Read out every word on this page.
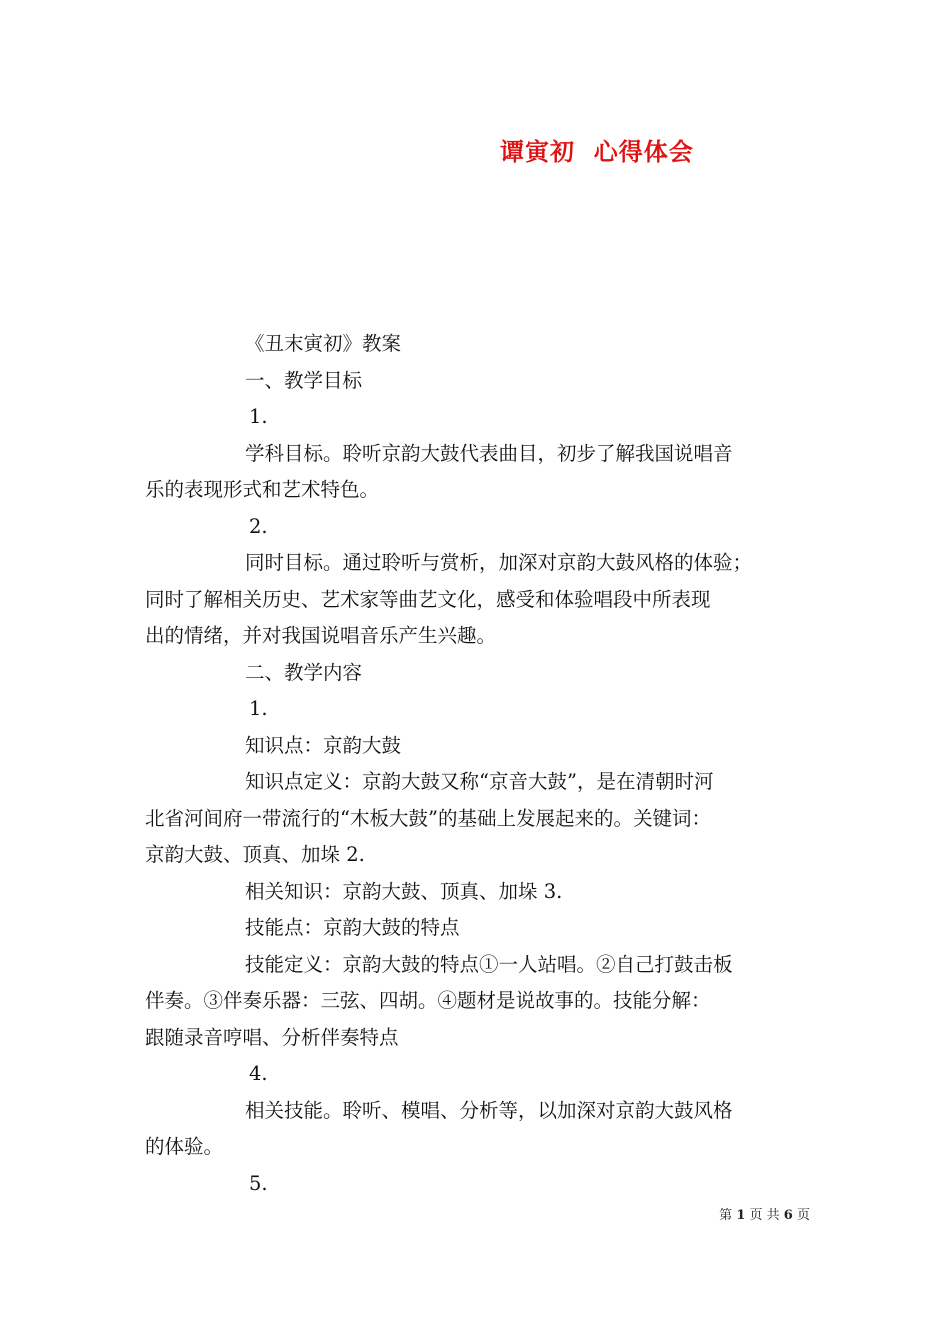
谭寅初  心得体会
《丑末寅初》教案
一、教学目标
1.
学科目标。聆听京韵大鼓代表曲目，初步了解我国说唱音
乐的表现形式和艺术特色。
2.
同时目标。通过聆听与赏析，加深对京韵大鼓风格的体验；
同时了解相关历史、艺术家等曲艺文化，感受和体验唱段中所表现
出的情绪，并对我国说唱音乐产生兴趣。
二、教学内容
1.
知识点：京韵大鼓
知识点定义：京韵大鼓又称“京音大鼓”，是在清朝时河
北省河间府一带流行的“木板大鼓”的基础上发展起来的。关键词：
京韵大鼓、顶真、加垛 2.
相关知识：京韵大鼓、顶真、加垛 3.
技能点：京韵大鼓的特点
技能定义：京韵大鼓的特点①一人站唱。②自己打鼓击板
伴奏。③伴奏乐器：三弦、四胡。④题材是说故事的。技能分解：
跟随录音哼唱、分析伴奏特点
4.
相关技能。聆听、模唱、分析等，以加深对京韵大鼓风格
的体验。
5.
第 1 页 共 6 页
